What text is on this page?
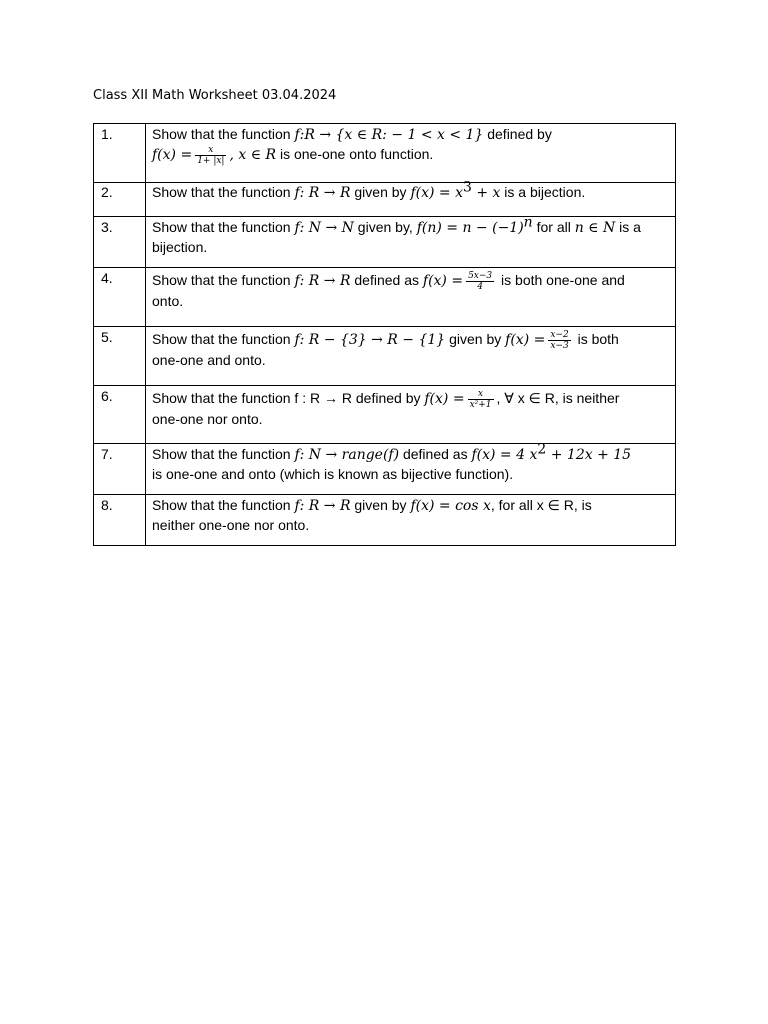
Class XII Math Worksheet 03.04.2024
1.	Show that the function f:R → {x ∈ R: − 1 < x < 1} defined by
$f(x) = \frac{x}{1+ |x|}$ , x ∈ R is one-one onto function.

2.	Show that the function f: R → R given by $f(x) = x^3 + x$ is a bijection.

3.	Show that the function f: N → N given by, $f(n) = n - (-1)^n$ for all n ∈ N is a
bijection.

4.	Show that the function f: R → R defined as $f(x) = \frac{5x-3}{4}$ is both one-one and
onto.

5.	Show that the function f: R − {3} → R − {1} given by $f(x) = \frac{x-2}{x-3}$ is both
one-one and onto.

6.	Show that the function f : R → R defined by $f(x) = \frac{x}{\text{x²+1}}$ , ∀ x ∈ R, is neither
one-one nor onto.

7.	Show that the function f: N → range(f) defined as f(x) = 4 $x^2 + 12x + 15$
is one-one and onto (which is known as bijective function).

8.	Show that the function f: R → R given by f(x) = cos x, for all x ∈ R, is
neither one-one nor onto.
